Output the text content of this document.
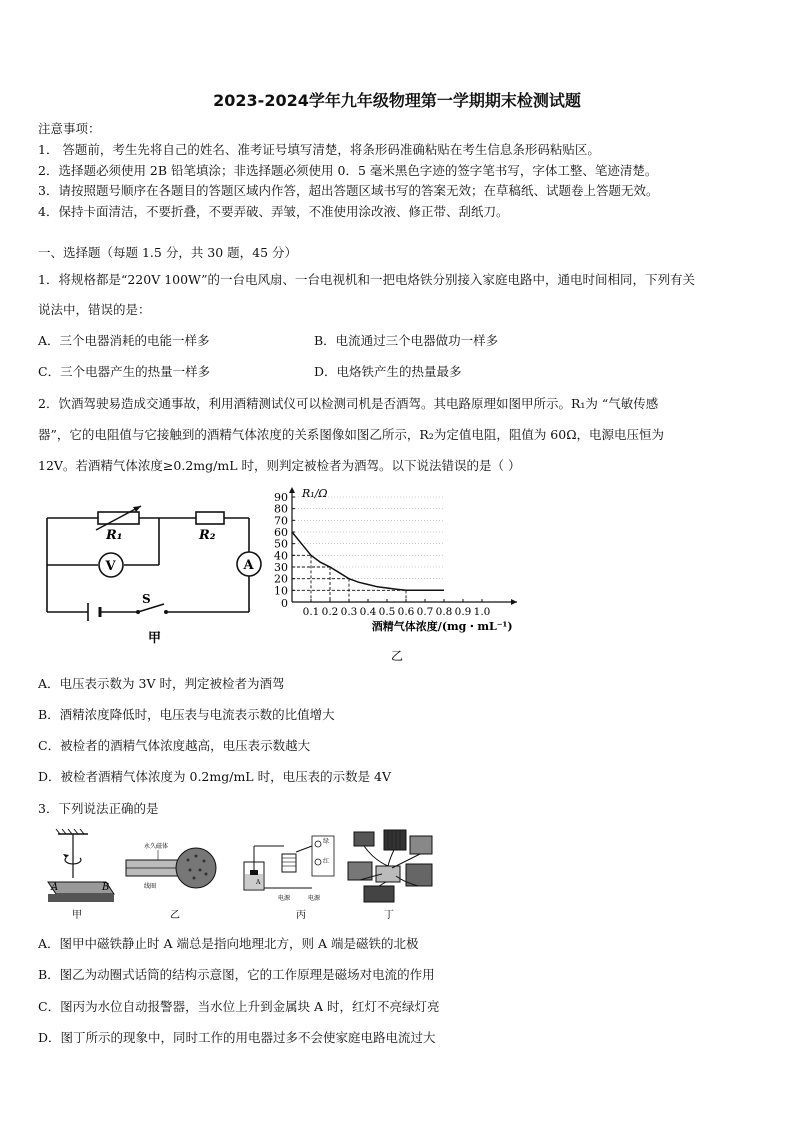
2023-2024学年九年级物理第一学期期末检测试题
注意事项：
1． 答题前，考生先将自己的姓名、准考证号填写清楚，将条形码准确粘贴在考生信息条形码粘贴区。
2．选择题必须使用 2B 铅笔填涂；非选择题必须使用 0．5 毫米黑色字迹的签字笔书写，字体工整、笔迹清楚。
3．请按照题号顺序在各题目的答题区域内作答，超出答题区域书写的答案无效；在草稿纸、试题卷上答题无效。
4．保持卡面清洁，不要折叠，不要弄破、弄皱，不准使用涂改液、修正带、刮纸刀。
一、选择题（每题 1.5 分，共 30 题，45 分）
1．将规格都是“220V 100W”的一台电风扇、一台电视机和一把电烙铁分别接入家庭电路中，通电时间相同，下列有关
说法中，错误的是：
A．三个电器消耗的电能一样多	B．电流通过三个电器做功一样多
C．三个电器产生的热量一样多	D．电烙铁产生的热量最多
2．饮酒驾驶易造成交通事故，利用酒精测试仪可以检测司机是否酒驾。其电路原理如图甲所示。R₁为 “气敏传感
器”，它的电阻值与它接触到的酒精气体浓度的关系图像如图乙所示，R₂为定值电阻，阻值为 60Ω，电源电压恒为
12V。若酒精气体浓度≥0.2mg/mL 时，则判定被检者为酒驾。以下说法错误的是（ ）
R₁	R₂
V	A
S
甲
10
20
30
40
50
60
70
80
90
0
0.1 0.2 0.3 0.4 0.5 0.6 0.7 0.8 0.9 1.0
R₁/Ω
酒精气体浓度/(mg・mL⁻¹)
乙
A．电压表示数为 3V 时，判定被检者为酒驾
B．酒精浓度降低时，电压表与电流表示数的比值增大
C．被检者的酒精气体浓度越高，电压表示数越大
D．被检者酒精气体浓度为 0.2mg/mL 时，电压表的示数是 4V
3．下列说法正确的是
A	B
甲
永久磁体
线圈
乙
绿
红
A
电源	电源
丙	丁
A．图甲中磁铁静止时 A 端总是指向地理北方，则 A 端是磁铁的北极
B．图乙为动圈式话筒的结构示意图，它的工作原理是磁场对电流的作用
C．图丙为水位自动报警器，当水位上升到金属块 A 时，红灯不亮绿灯亮
D．图丁所示的现象中，同时工作的用电器过多不会使家庭电路电流过大
